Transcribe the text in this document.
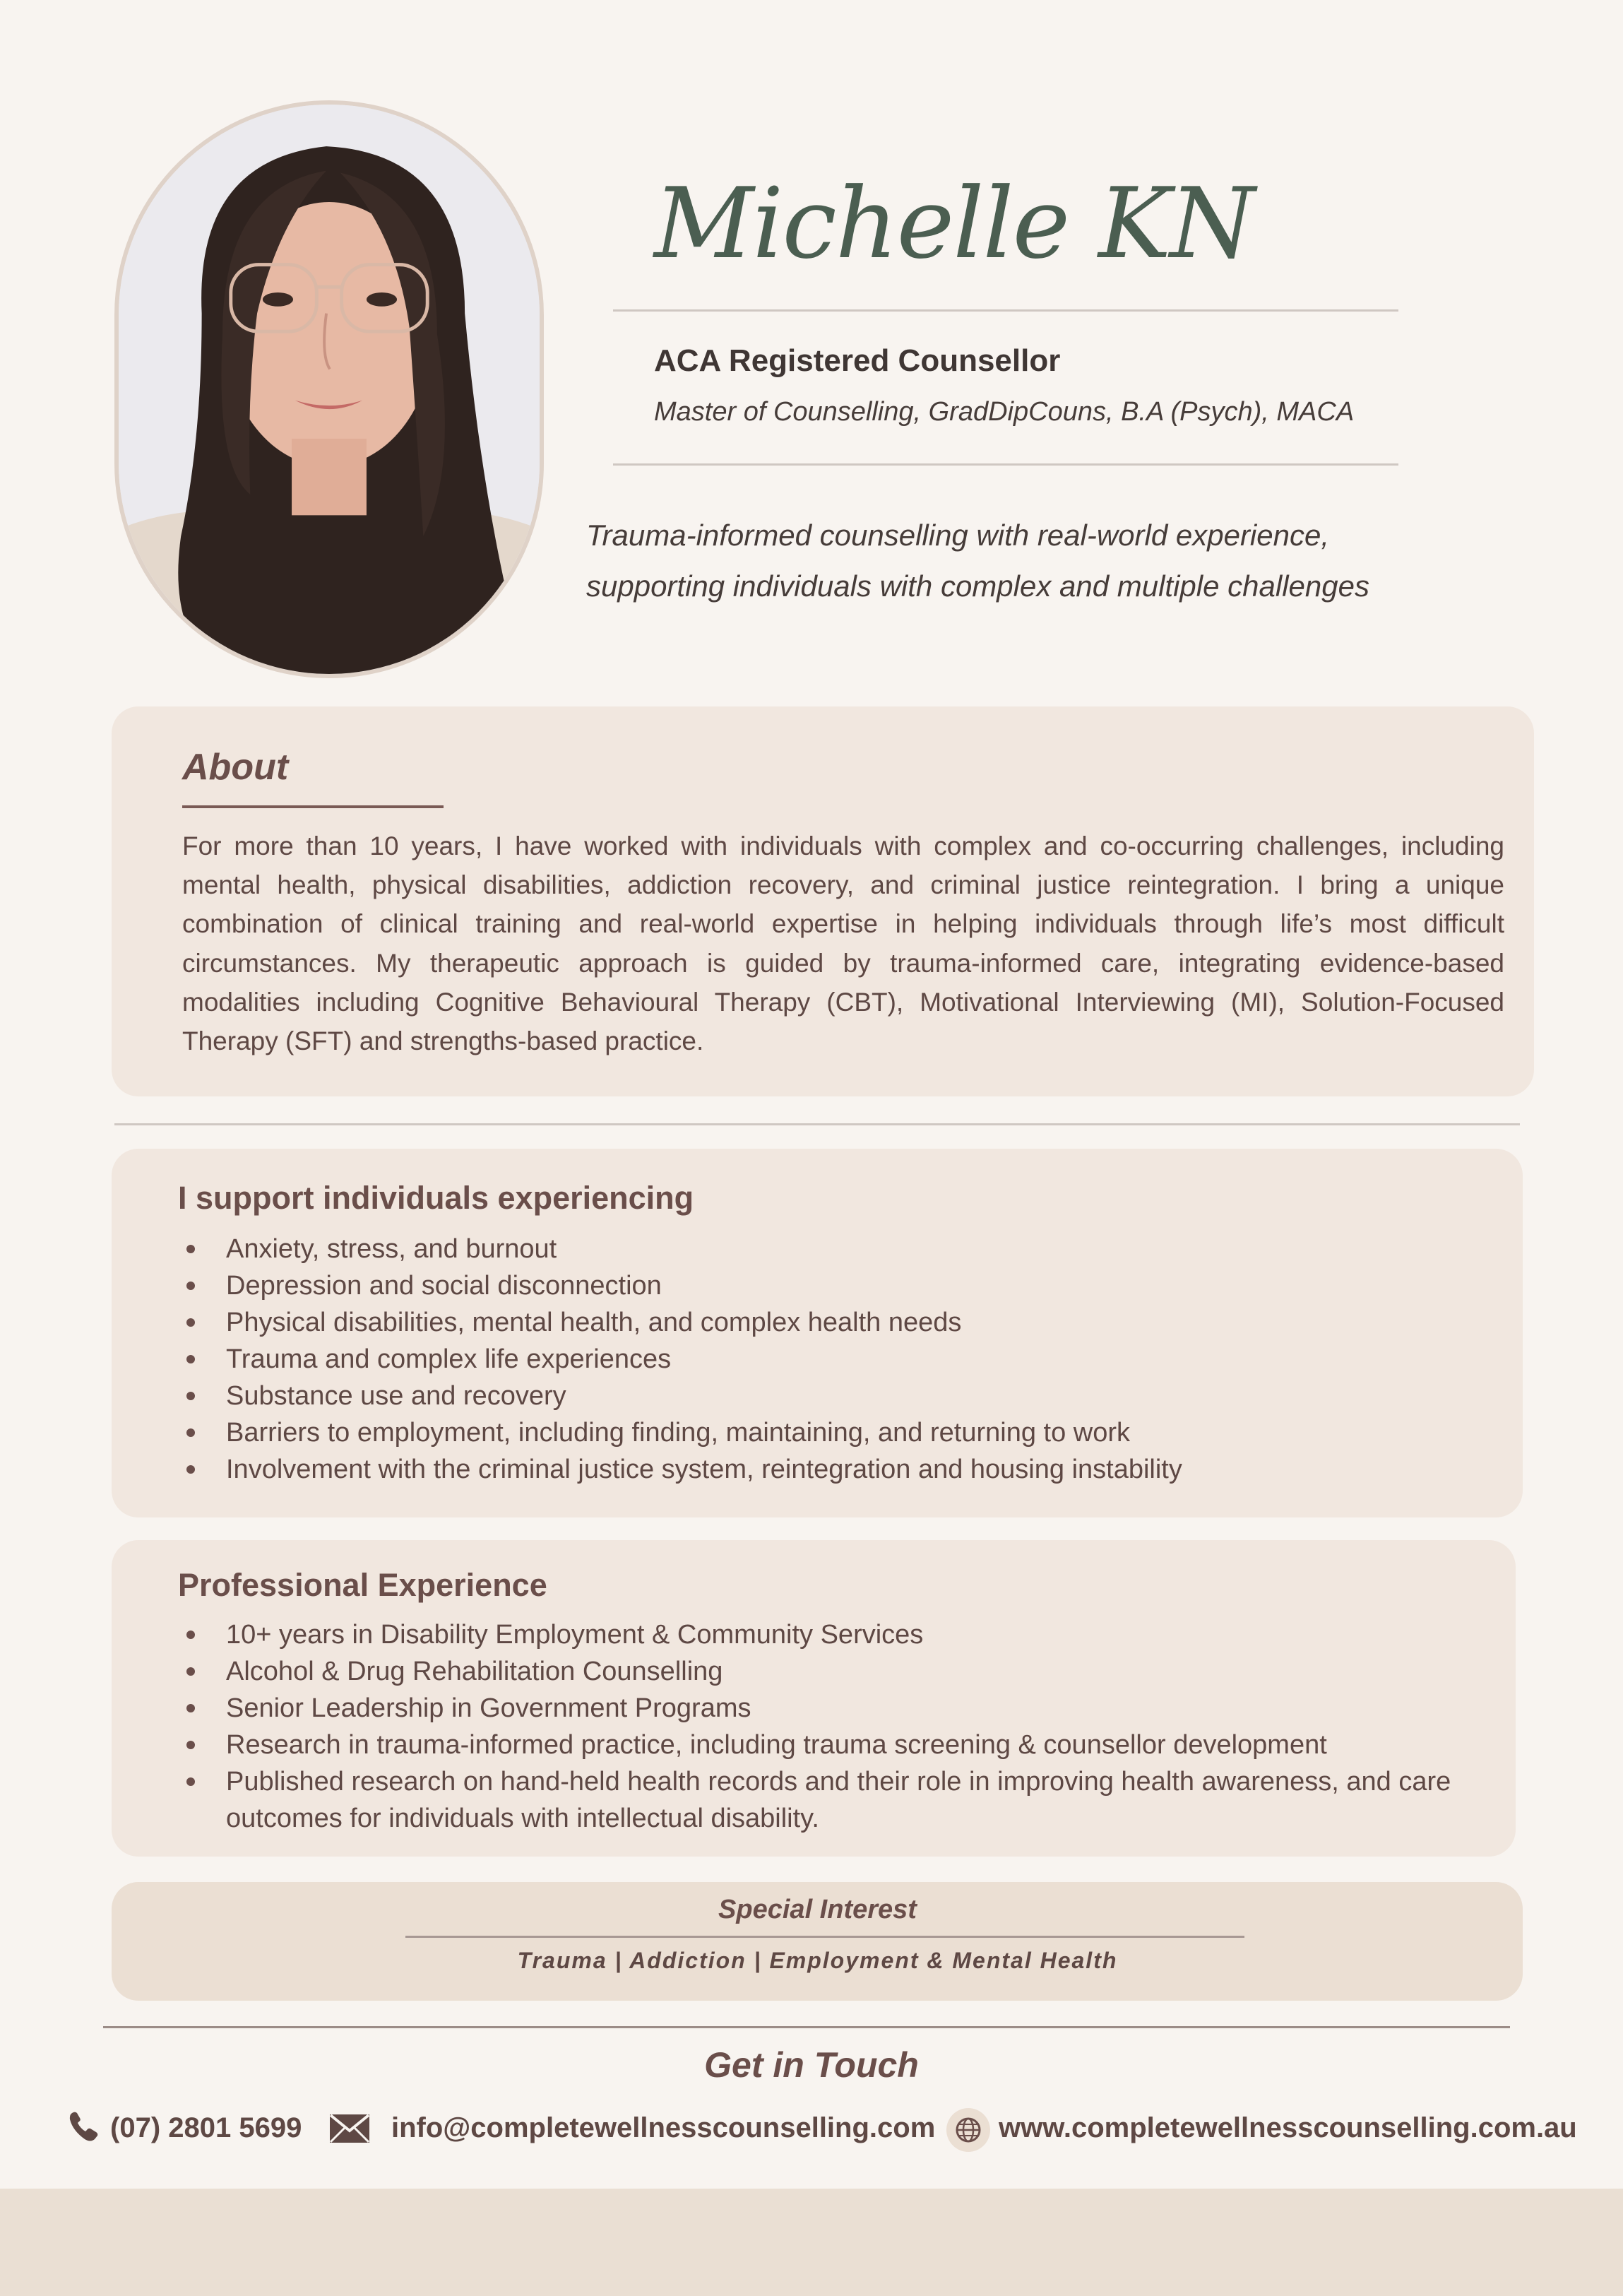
Michelle KN
ACA Registered Counsellor
Master of Counselling, GradDipCouns, B.A (Psych), MACA
Trauma-informed counselling with real-world experience,
supporting individuals with complex and multiple challenges
About
For more than 10 years, I have worked with individuals with complex and co-occurring challenges, including mental health, physical disabilities, addiction recovery, and criminal justice reintegration. I bring a unique combination of clinical training and real-world expertise in helping individuals through life’s most difficult circumstances. My therapeutic approach is guided by trauma-informed care, integrating evidence-based modalities including Cognitive Behavioural Therapy (CBT), Motivational Interviewing (MI), Solution-Focused Therapy (SFT) and strengths-based practice.
I support individuals experiencing
Anxiety, stress, and burnout
Depression and social disconnection
Physical disabilities, mental health, and complex health needs
Trauma and complex life experiences
Substance use and recovery
Barriers to employment, including finding, maintaining, and returning to work
Involvement with the criminal justice system, reintegration and housing instability
Professional Experience
10+ years in Disability Employment & Community Services
Alcohol & Drug Rehabilitation Counselling
Senior Leadership in Government Programs
Research in trauma-informed practice, including trauma screening & counsellor development
Published research on hand-held health records and their role in improving health awareness, and care outcomes for individuals with intellectual disability.
Special Interest
Trauma | Addiction | Employment & Mental Health
Get in Touch
(07) 2801 5699	info@completewellnesscounselling.com www.completewellnesscounselling.com.au
